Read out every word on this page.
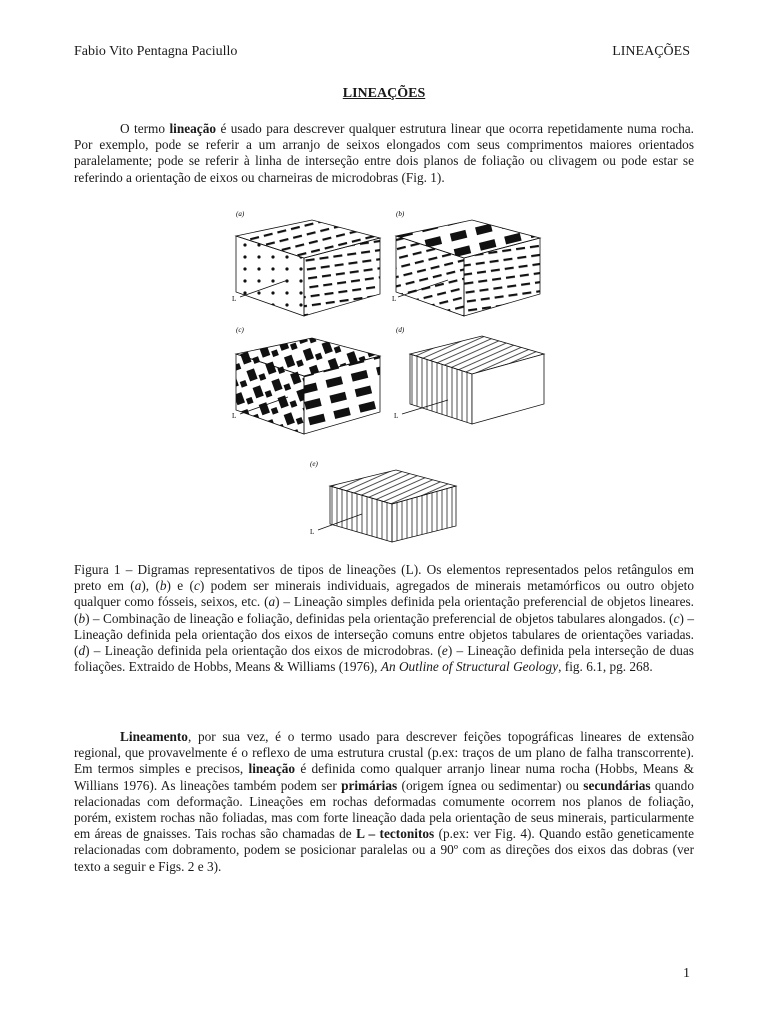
Fabio Vito Pentagna Paciullo	LINEAÇÕES
LINEAÇÕES

O termo lineação é usado para descrever qualquer estrutura linear que ocorra repetidamente numa rocha. Por exemplo, pode se referir a um arranjo de seixos elongados com seus comprimentos maiores orientados paralelamente; pode se referir à linha de interseção entre dois planos de foliação ou clivagem ou pode estar se referindo a orientação de eixos ou charneiras de microdobras (Fig. 1).

(a)
L
(b)
L
(c)
L
(d)
L
(e)
L

Figura 1 – Digramas representativos de tipos de lineações (L). Os elementos representados pelos retângulos em preto em (a), (b) e (c) podem ser minerais individuais, agregados de minerais metamórficos ou outro objeto qualquer como fósseis, seixos, etc. (a) – Lineação simples definida pela orientação preferencial de objetos lineares. (b) – Combinação de lineação e foliação, definidas pela orientação preferencial de objetos tabulares alongados. (c) – Lineação definida pela orientação dos eixos de interseção comuns entre objetos tabulares de orientações variadas. (d) – Lineação definida pela orientação dos eixos de microdobras. (e) – Lineação definida pela interseção de duas foliações. Extraido de Hobbs, Means & Williams (1976), An Outline of Structural Geology, fig. 6.1, pg. 268.

Lineamento, por sua vez, é o termo usado para descrever feições topográficas lineares de extensão regional, que provavelmente é o reflexo de uma estrutura crustal (p.ex: traços de um plano de falha transcorrente). Em termos simples e precisos, lineação é definida como qualquer arranjo linear numa rocha (Hobbs, Means & Willians 1976). As lineações também podem ser primárias (origem ígnea ou sedimentar) ou secundárias quando relacionadas com deformação. Lineações em rochas deformadas comumente ocorrem nos planos de foliação, porém, existem rochas não foliadas, mas com forte lineação dada pela orientação de seus minerais, particularmente em áreas de gnaisses. Tais rochas são chamadas de L – tectonitos (p.ex: ver Fig. 4). Quando estão geneticamente relacionadas com dobramento, podem se posicionar paralelas ou a 90º com as direções dos eixos das dobras (ver texto a seguir e Figs. 2 e 3).

1
